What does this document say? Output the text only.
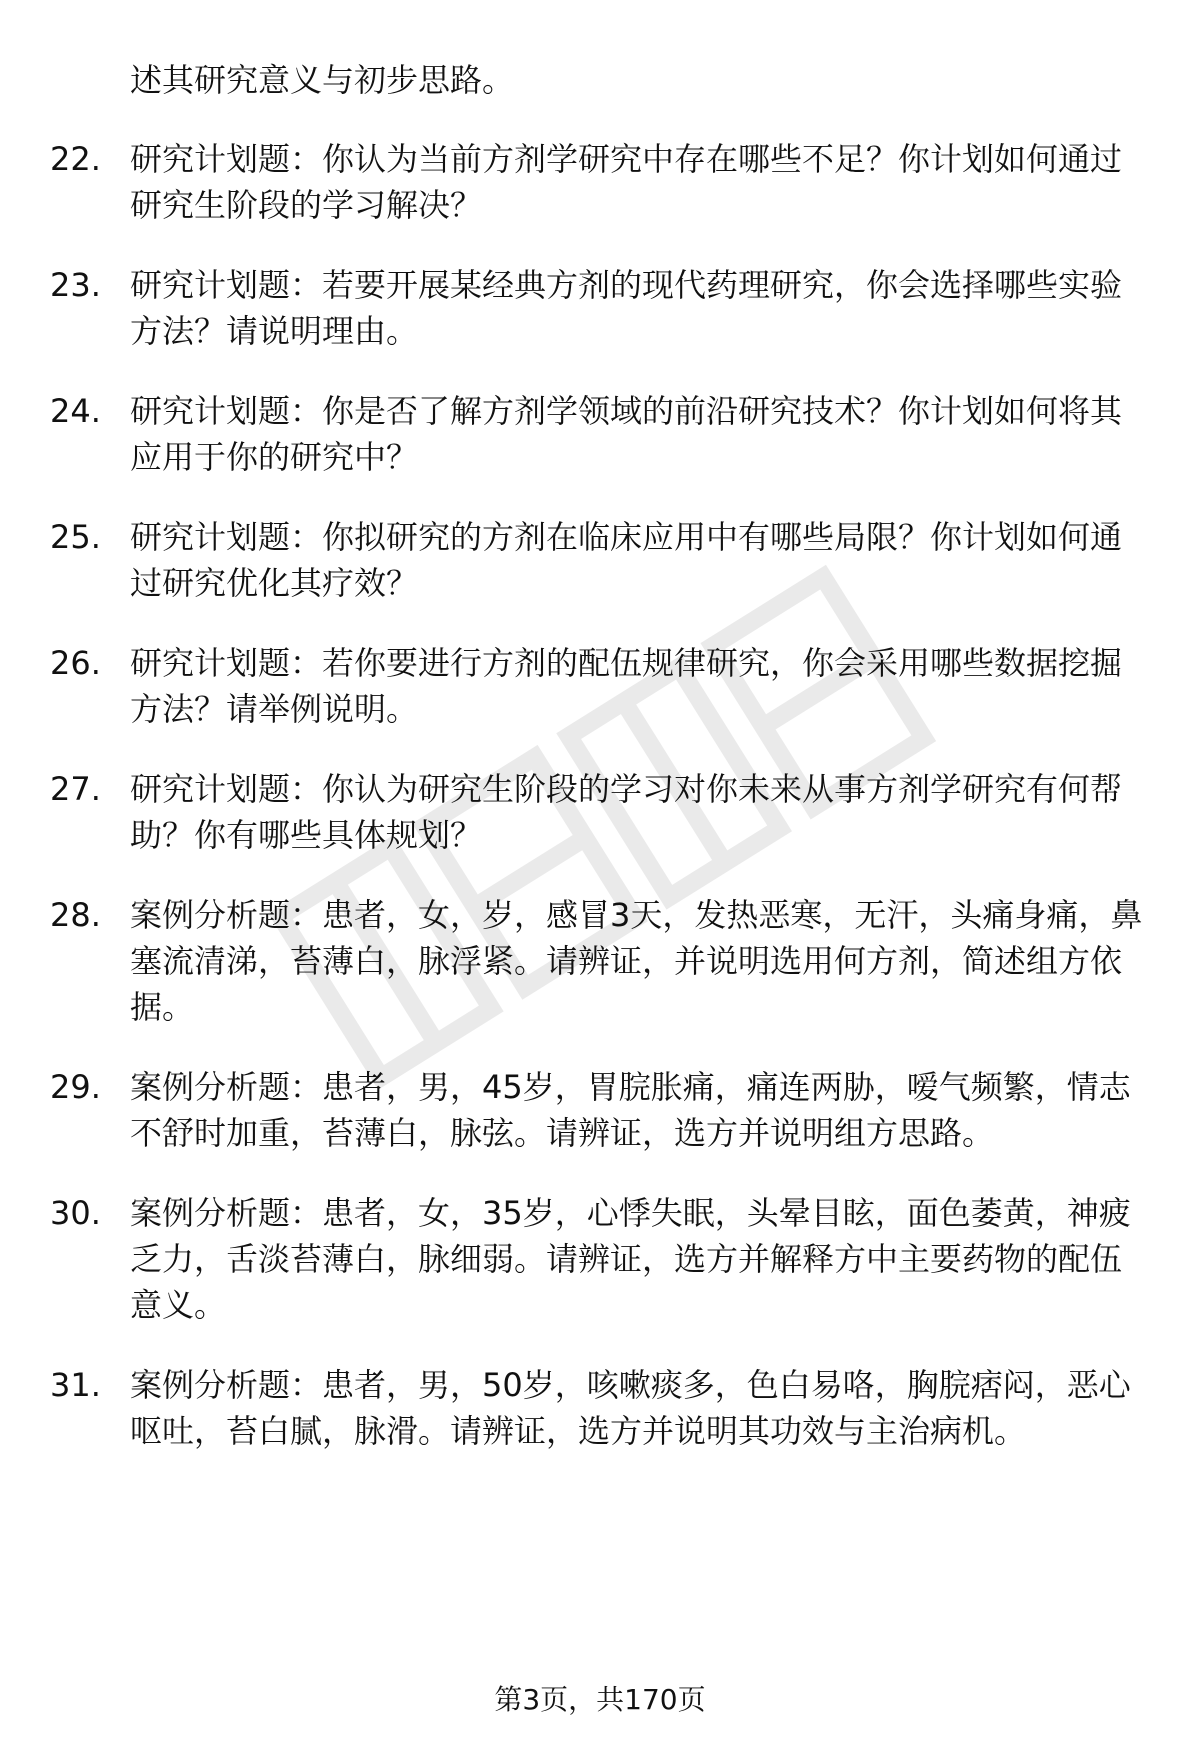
述其研究意义与初步思路。

22. 研究计划题：你认为当前方剂学研究中存在哪些不足？你计划如何通过研究生阶段的学习解决？
23. 研究计划题：若要开展某经典方剂的现代药理研究，你会选择哪些实验方法？请说明理由。
24. 研究计划题：你是否了解方剂学领域的前沿研究技术？你计划如何将其应用于你的研究中？
25. 研究计划题：你拟研究的方剂在临床应用中有哪些局限？你计划如何通过研究优化其疗效？
26. 研究计划题：若你要进行方剂的配伍规律研究，你会采用哪些数据挖掘方法？请举例说明。
27. 研究计划题：你认为研究生阶段的学习对你未来从事方剂学研究有何帮助？你有哪些具体规划？
28. 案例分析题：患者，女，岁，感冒3天，发热恶寒，无汗，头痛身痛，鼻塞流清涕，苔薄白，脉浮紧。请辨证，并说明选用何方剂，简述组方依据。
29. 案例分析题：患者，男，45岁，胃脘胀痛，痛连两胁，嗳气频繁，情志不舒时加重，苔薄白，脉弦。请辨证，选方并说明组方思路。
30. 案例分析题：患者，女，35岁，心悸失眠，头晕目眩，面色萎黄，神疲乏力，舌淡苔薄白，脉细弱。请辨证，选方并解释方中主要药物的配伍意义。
31. 案例分析题：患者，男，50岁，咳嗽痰多，色白易咯，胸脘痞闷，恶心呕吐，苔白腻，脉滑。请辨证，选方并说明其功效与主治病机。
第3页，共170页
